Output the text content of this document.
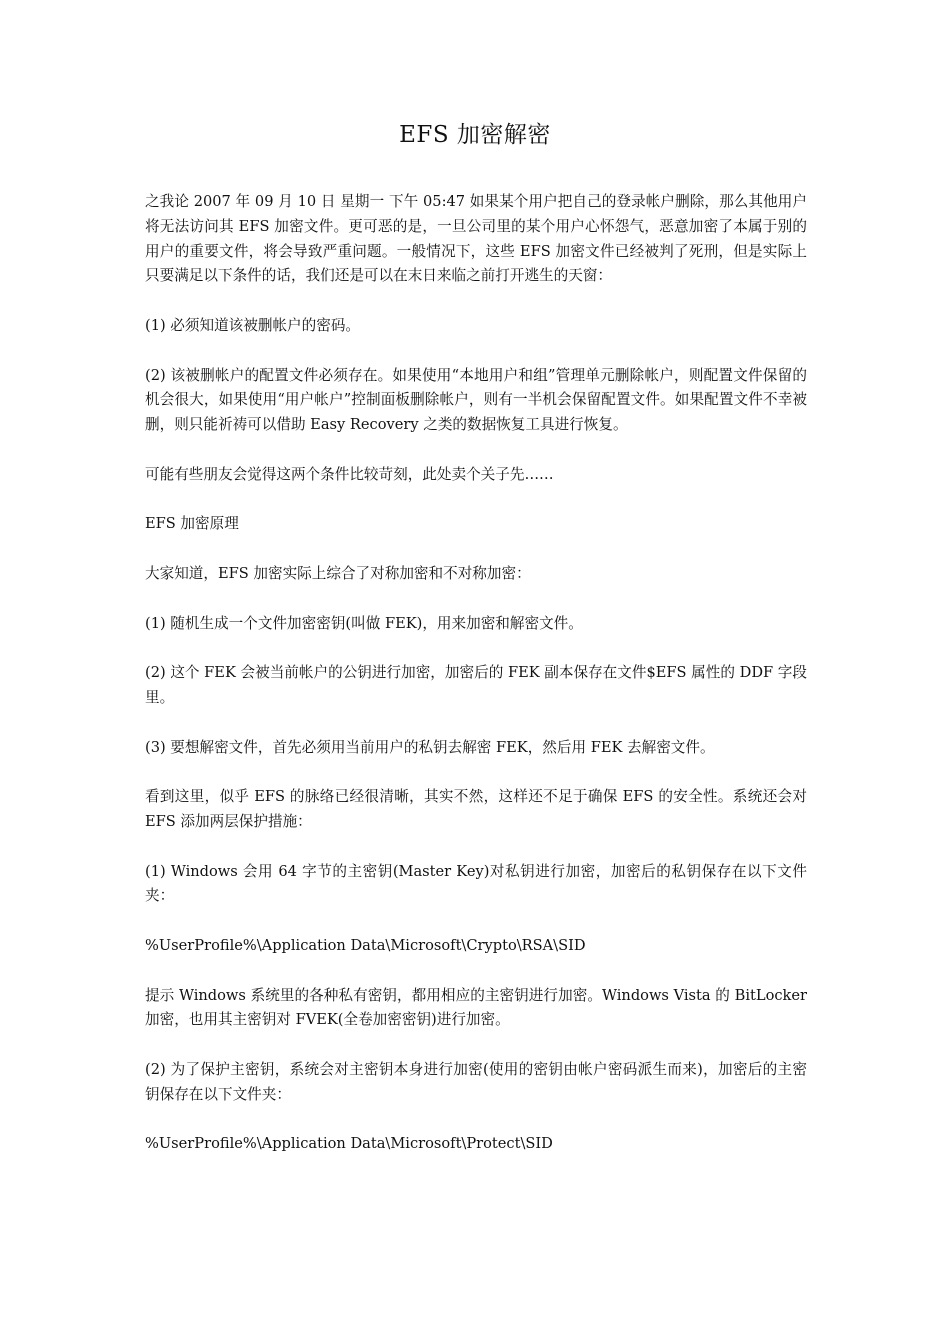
EFS 加密解密

之我论 2007 年 09 月 10 日 星期一 下午 05:47 如果某个用户把自己的登录帐户删除，那么其他用户将无法访问其 EFS 加密文件。更可恶的是，一旦公司里的某个用户心怀怨气，恶意加密了本属于别的用户的重要文件，将会导致严重问题。一般情况下，这些 EFS 加密文件已经被判了死刑，但是实际上只要满足以下条件的话，我们还是可以在末日来临之前打开逃生的天窗：

(1) 必须知道该被删帐户的密码。

(2) 该被删帐户的配置文件必须存在。如果使用“本地用户和组”管理单元删除帐户，则配置文件保留的机会很大，如果使用“用户帐户”控制面板删除帐户，则有一半机会保留配置文件。如果配置文件不幸被删，则只能祈祷可以借助 Easy Recovery 之类的数据恢复工具进行恢复。

可能有些朋友会觉得这两个条件比较苛刻，此处卖个关子先……

EFS 加密原理

大家知道，EFS 加密实际上综合了对称加密和不对称加密：

(1) 随机生成一个文件加密密钥(叫做 FEK)，用来加密和解密文件。

(2) 这个 FEK 会被当前帐户的公钥进行加密，加密后的 FEK 副本保存在文件$EFS 属性的 DDF 字段里。

(3) 要想解密文件，首先必须用当前用户的私钥去解密 FEK，然后用 FEK 去解密文件。

看到这里，似乎 EFS 的脉络已经很清晰，其实不然，这样还不足于确保 EFS 的安全性。系统还会对 EFS 添加两层保护措施：

(1) Windows 会用 64 字节的主密钥(Master Key)对私钥进行加密，加密后的私钥保存在以下文件夹：

%UserProfile%\Application Data\Microsoft\Crypto\RSA\SID

提示 Windows 系统里的各种私有密钥，都用相应的主密钥进行加密。Windows Vista 的 BitLocker 加密，也用其主密钥对 FVEK(全卷加密密钥)进行加密。

(2) 为了保护主密钥，系统会对主密钥本身进行加密(使用的密钥由帐户密码派生而来)，加密后的主密钥保存在以下文件夹：

%UserProfile%\Application Data\Microsoft\Protect\SID
